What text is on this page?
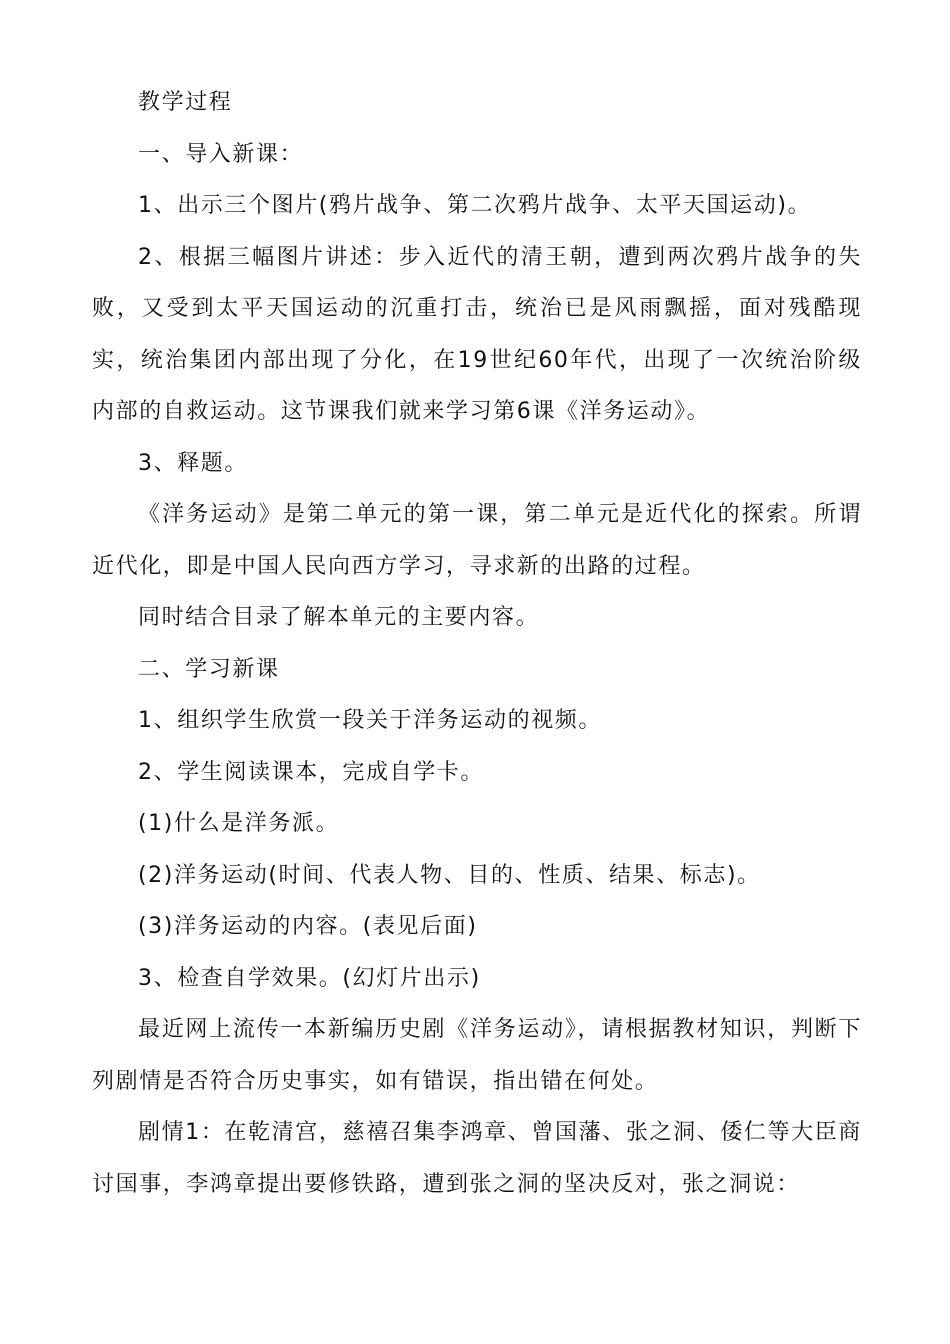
教学过程

一、导入新课：

1、出示三个图片(鸦片战争、第二次鸦片战争、太平天国运动)。

2、根据三幅图片讲述：步入近代的清王朝，遭到两次鸦片战争的失败，又受到太平天国运动的沉重打击，统治已是风雨飘摇，面对残酷现实，统治集团内部出现了分化，在19世纪60年代，出现了一次统治阶级内部的自救运动。这节课我们就来学习第6课《洋务运动》。

3、释题。

《洋务运动》是第二单元的第一课，第二单元是近代化的探索。所谓近代化，即是中国人民向西方学习，寻求新的出路的过程。

同时结合目录了解本单元的主要内容。

二、学习新课

1、组织学生欣赏一段关于洋务运动的视频。

2、学生阅读课本，完成自学卡。

(1)什么是洋务派。

(2)洋务运动(时间、代表人物、目的、性质、结果、标志)。

(3)洋务运动的内容。(表见后面)

3、检查自学效果。(幻灯片出示)

最近网上流传一本新编历史剧《洋务运动》，请根据教材知识，判断下列剧情是否符合历史事实，如有错误，指出错在何处。

剧情1：在乾清宫，慈禧召集李鸿章、曾国藩、张之洞、倭仁等大臣商讨国事，李鸿章提出要修铁路，遭到张之洞的坚决反对，张之洞说：
